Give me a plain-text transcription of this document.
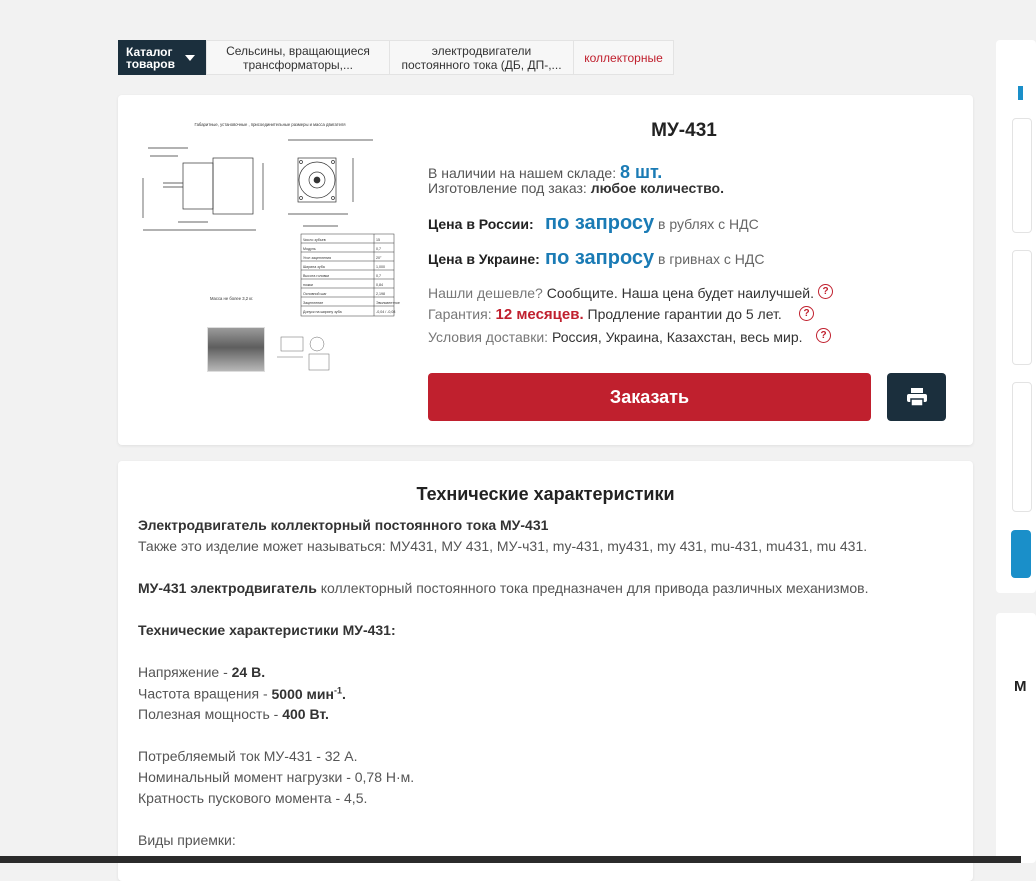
Каталог товаров
Сельсины, вращающиеся трансформаторы,...
электродвигатели постоянного тока (ДБ, ДП-,...	коллекторные
М
Габаритные, установочные , присоединительные размеры и масса двигателя
Число зубьев	15
Модуль	0,7
Угол зацепления	20°
Ширина зуба	1,000
Высота головки	0,7
ножки	0,84
Основной шаг	2,198
Зацепление	Эвольвентное
Допуск на ширину зуба	-0,04 / -0,08
Масса не более 3,2 кг.
МУ-431
В наличии на нашем складе: 8 шт.
Изготовление под заказ: любое количество.
Цена в России: по запросу в рублях с НДС
Цена в Украине: по запросу в гривнах с НДС
Нашли дешевле? Сообщите. Наша цена будет наилучшей. ?
Гарантия: 12 месяцев. Продление гарантии до 5 лет.	?
Условия доставки: Россия, Украина, Казахстан, весь мир.	?
Заказать
Технические характеристики
Электродвигатель коллекторный постоянного тока МУ-431
Также это изделие может называться: МУ431, МУ 431, МУ-ч31, my-431, my431, my 431, mu-431, mu431, mu 431.
МУ-431 электродвигатель коллекторный постоянного тока предназначен для привода различных механизмов.
Технические характеристики МУ-431:
Напряжение - 24 В.
Частота вращения - 5000 мин$^{-1}$.
Полезная мощность - 400 Вт.
Потребляемый ток МУ-431 - 32 А.
Номинальный момент нагрузки - 0,78 Н·м.
Кратность пускового момента - 4,5.
Виды приемки:
